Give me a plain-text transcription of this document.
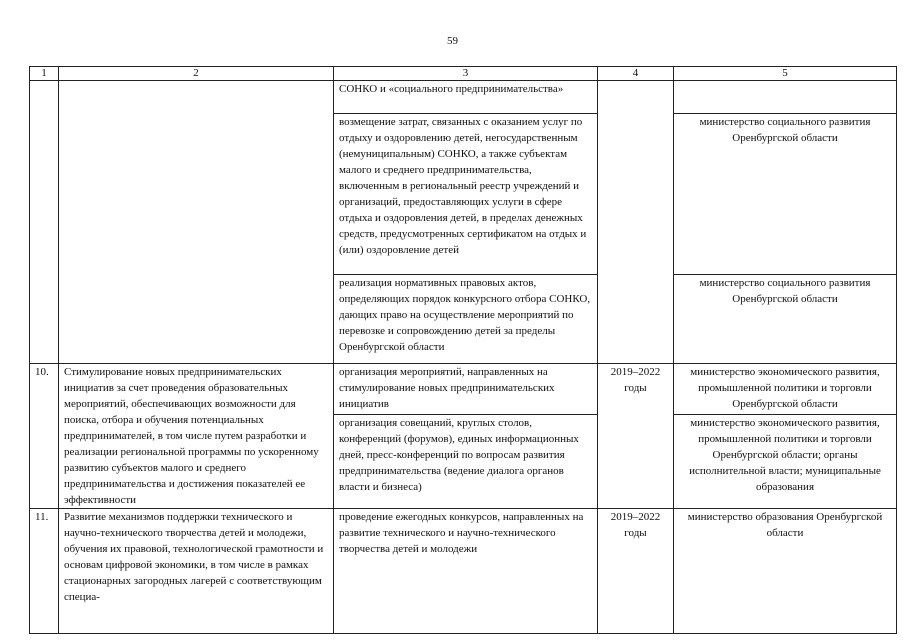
59
1	2	3	4	5
		СОНКО и «социального предпринимательства»		
		возмещение затрат, связанных с оказанием услуг по отдыху и оздоровлению детей, негосударственным (немуниципальным) СОНКО, а также субъектам малого и среднего предпринимательства, включенным в региональный реестр учреждений и организаций, предоставляющих услуги в сфере отдыха и оздоровления детей, в пределах денежных средств, предусмотренных сертификатом на отдых и (или) оздоровление детей		министерство социального развития Оренбургской области
		реализация нормативных правовых актов, определяющих порядок конкурсного отбора СОНКО, дающих право на осуществление мероприятий по перевозке и сопровождению детей за пределы Оренбургской области		министерство социального развития Оренбургской области
10.	Стимулирование новых предпринимательских инициатив за счет проведения образовательных мероприятий, обеспечивающих возможности для поиска, отбора и обучения потенциальных предпринимателей, в том числе путем разработки и реализации региональной программы по ускоренному развитию субъектов малого и среднего предпринимательства и достижения показателей ее эффективности	организация мероприятий, направленных на стимулирование новых предпринимательских инициатив	2019–2022 годы	министерство экономического развития, промышленной политики и торговли Оренбургской области
		организация совещаний, круглых столов, конференций (форумов), единых информационных дней, пресс-конференций по вопросам развития предпринимательства (ведение диалога органов власти и бизнеса)		министерство экономического развития, промышленной политики и торговли Оренбургской области; органы исполнительной власти; муниципальные образования
11.	Развитие механизмов поддержки технического и научно-технического творчества детей и молодежи, обучения их правовой, технологической грамотности и основам цифровой экономики, в том числе в рамках стационарных загородных лагерей с соответствующим специа-	проведение ежегодных конкурсов, направленных на развитие технического и научно-технического творчества детей и молодежи	2019–2022 годы	министерство образования Оренбургской области
